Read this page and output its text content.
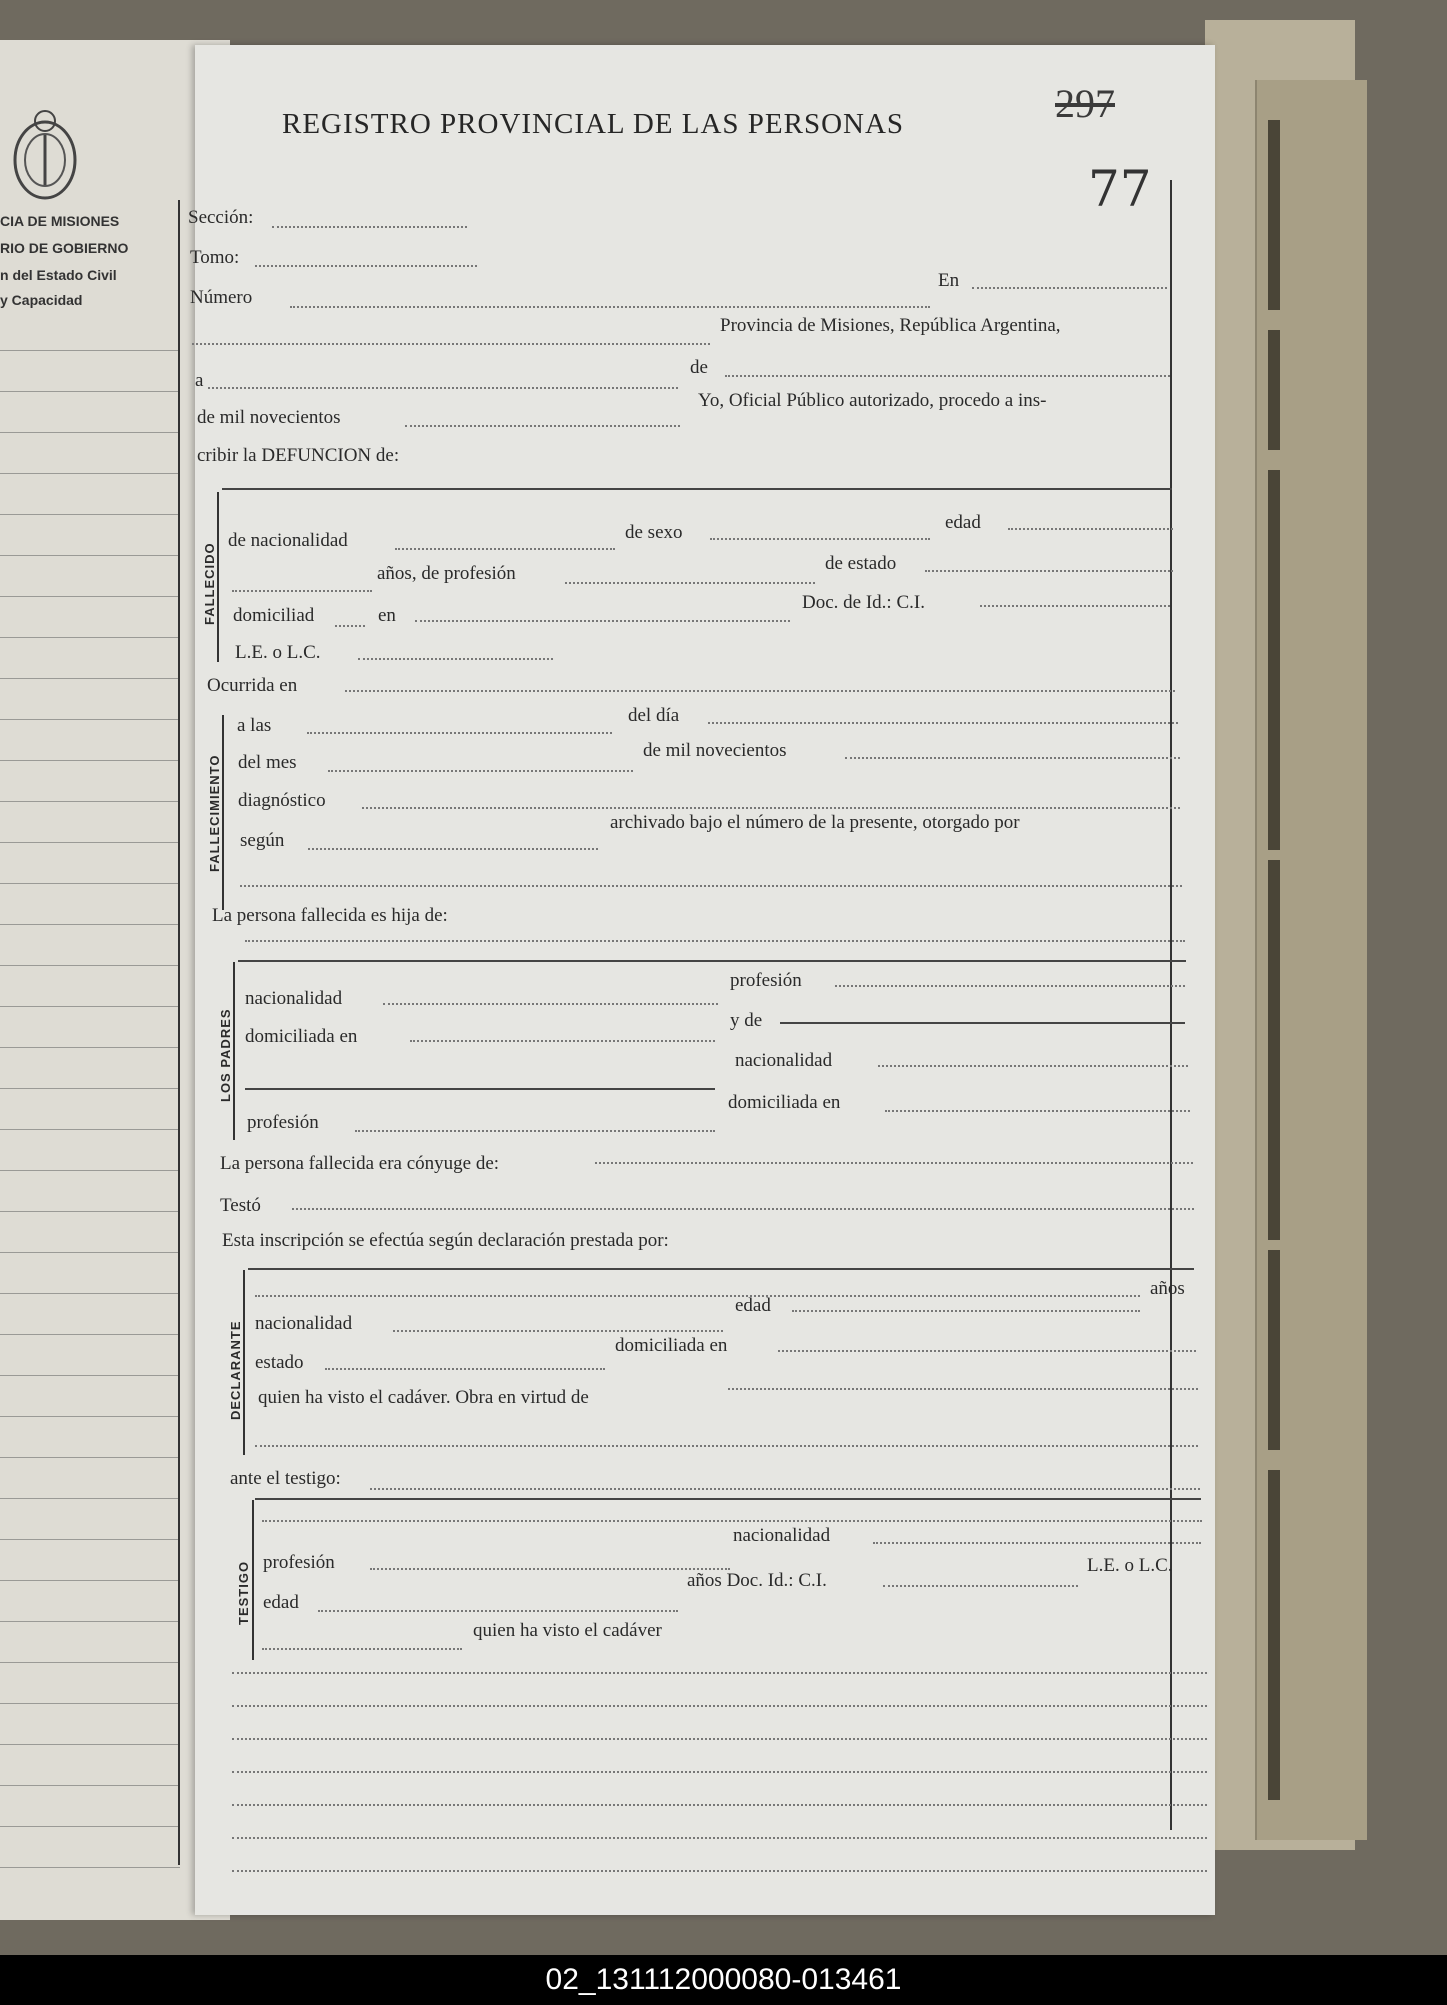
CIA DE MISIONES
RIO DE GOBIERNO
n del Estado Civil
y Capacidad
REGISTRO PROVINCIAL DE LAS PERSONAS	297
77
Sección:
Tomo:
Número
En
Provincia de Misiones, República Argentina,
a
de
de mil novecientos
Yo, Oficial Público autorizado, procedo a ins-
cribir la DEFUNCION de:
FALLECIDO
de nacionalidad	de sexo	edad
años, de profesión	de estado
domiciliad	en
Doc. de Id.: C.I.
L.E. o L.C.
Ocurrida en
FALLECIMIENTO
a las	del día
del mes
de mil novecientos
diagnóstico
según
archivado bajo el número de la presente, otorgado por
La persona fallecida es hija de:
LOS PADRES
nacionalidad
profesión
domiciliada en
y de
nacionalidad
profesión
domiciliada en
La persona fallecida era cónyuge de:
Testó
Esta inscripción se efectúa según declaración prestada por:
DECLARANTE
años
nacionalidad
edad
estado
domiciliada en
quien ha visto el cadáver. Obra en virtud de
ante el testigo:
TESTIGO
nacionalidad
profesión	L.E. o L.C.
edad
años Doc. Id.: C.I.
quien ha visto el cadáver
02_131112000080-013461
